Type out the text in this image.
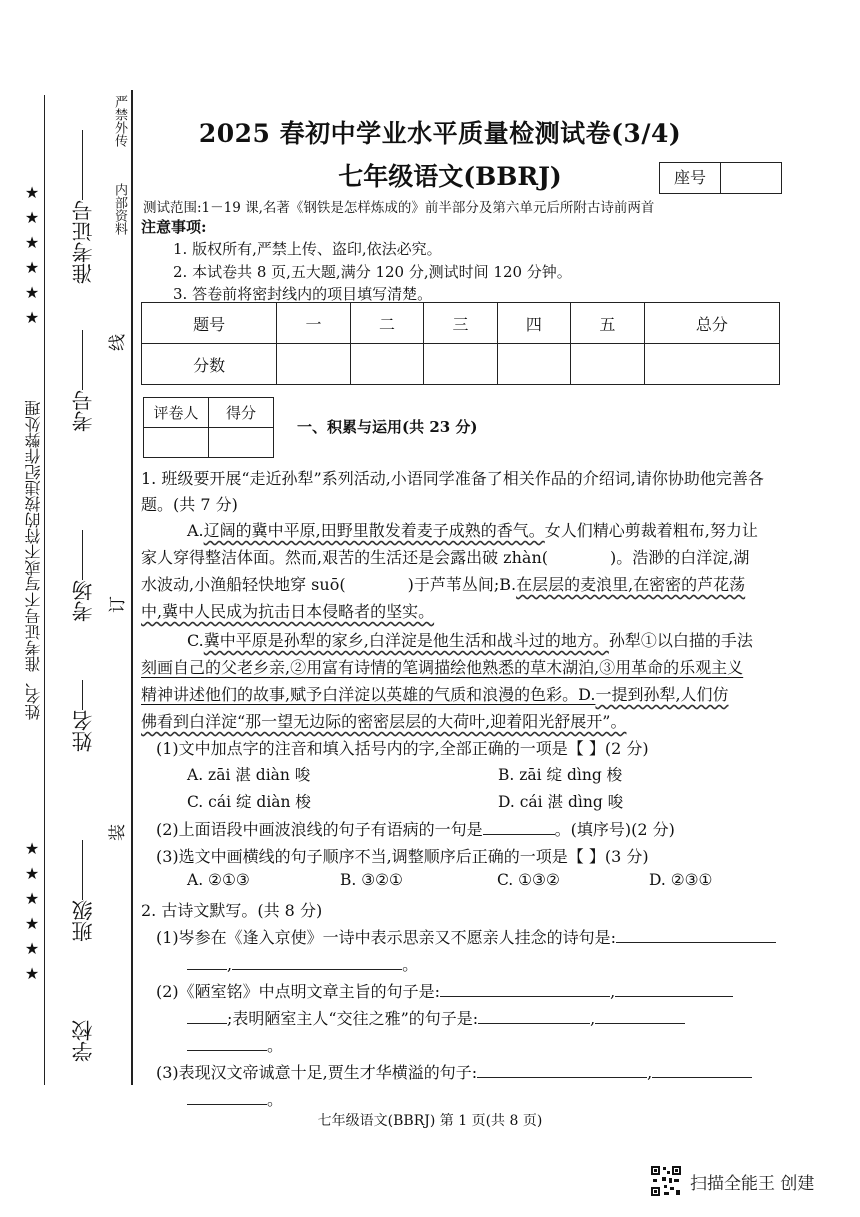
姓名、准考证号不写或不符的按违纪作弊处理
★
★
★
★
★
★
★
★
★
★
★
★
严禁外传
内部资料
准考证号
考号
考场
姓名
班级
学校
线
订
装
2025 春初中学业水平质量检测试卷(3/4)
七年级语文(BBRJ)	座号
测试范围:1－19 课,名著《钢铁是怎样炼成的》前半部分及第六单元后所附古诗前两首
注意事项:
1. 版权所有,严禁上传、盗印,依法必究。
2. 本试卷共 8 页,五大题,满分 120 分,测试时间 120 分钟。
3. 答卷前将密封线内的项目填写清楚。
题号	一	二	三	四	五	总分
分数						
评卷人	得分

一、积累与运用(共 23 分)
1. 班级要开展“走近孙犁”系列活动,小语同学准备了相关作品的介绍词,请你协助他完善各
题。(共 7 分)
A.辽阔的冀中平原,田野里散发着麦子成熟的香气。女人们精心剪裁着粗布,努力让
家人穿得整洁体面。然而,艰苦的生活还是会露出破 zhàn(	)。浩渺的白洋淀,湖
水波动,小渔船轻快地穿 suō(	)于芦苇丛间;B.在层层的麦浪里,在密密的芦花荡
中,冀中人民成为抗击日本侵略者的坚实。
C.冀中平原是孙犁的家乡,白洋淀是他生活和战斗过的地方。孙犁①以白描的手法
刻画自己的父老乡亲,②用富有诗情的笔调描绘他熟悉的草木湖泊,③用革命的乐观主义
精神讲述他们的故事,赋予白洋淀以英雄的气质和浪漫的色彩。D.一提到孙犁,人们仿
佛看到白洋淀“那一望无边际的密密层层的大荷叶,迎着阳光舒展开”。
(1)文中加点字的注音和填入括号内的字,全部正确的一项是【 】(2 分)
A. zāi 湛 diàn 唆	B. zāi 绽 dìng 梭
C. cái 绽 diàn 梭	D. cái 湛 dìng 唆
(2)上面语段中画波浪线的句子有语病的一句是	。(填序号)(2 分)
(3)选文中画横线的句子顺序不当,调整顺序后正确的一项是【 】(3 分)
A. ②①③	B. ③②①	C. ①③②	D. ②③①
2. 古诗文默写。(共 8 分)
(1)岑参在《逢入京使》一诗中表示思亲又不愿亲人挂念的诗句是:
,	。
(2)《陋室铭》中点明文章主旨的句子是:	,
;表明陋室主人“交往之雅”的句子是:	,
。
(3)表现汉文帝诚意十足,贾生才华横溢的句子:	,
。
七年级语文(BBRJ) 第 1 页(共 8 页)
扫描全能王 创建
